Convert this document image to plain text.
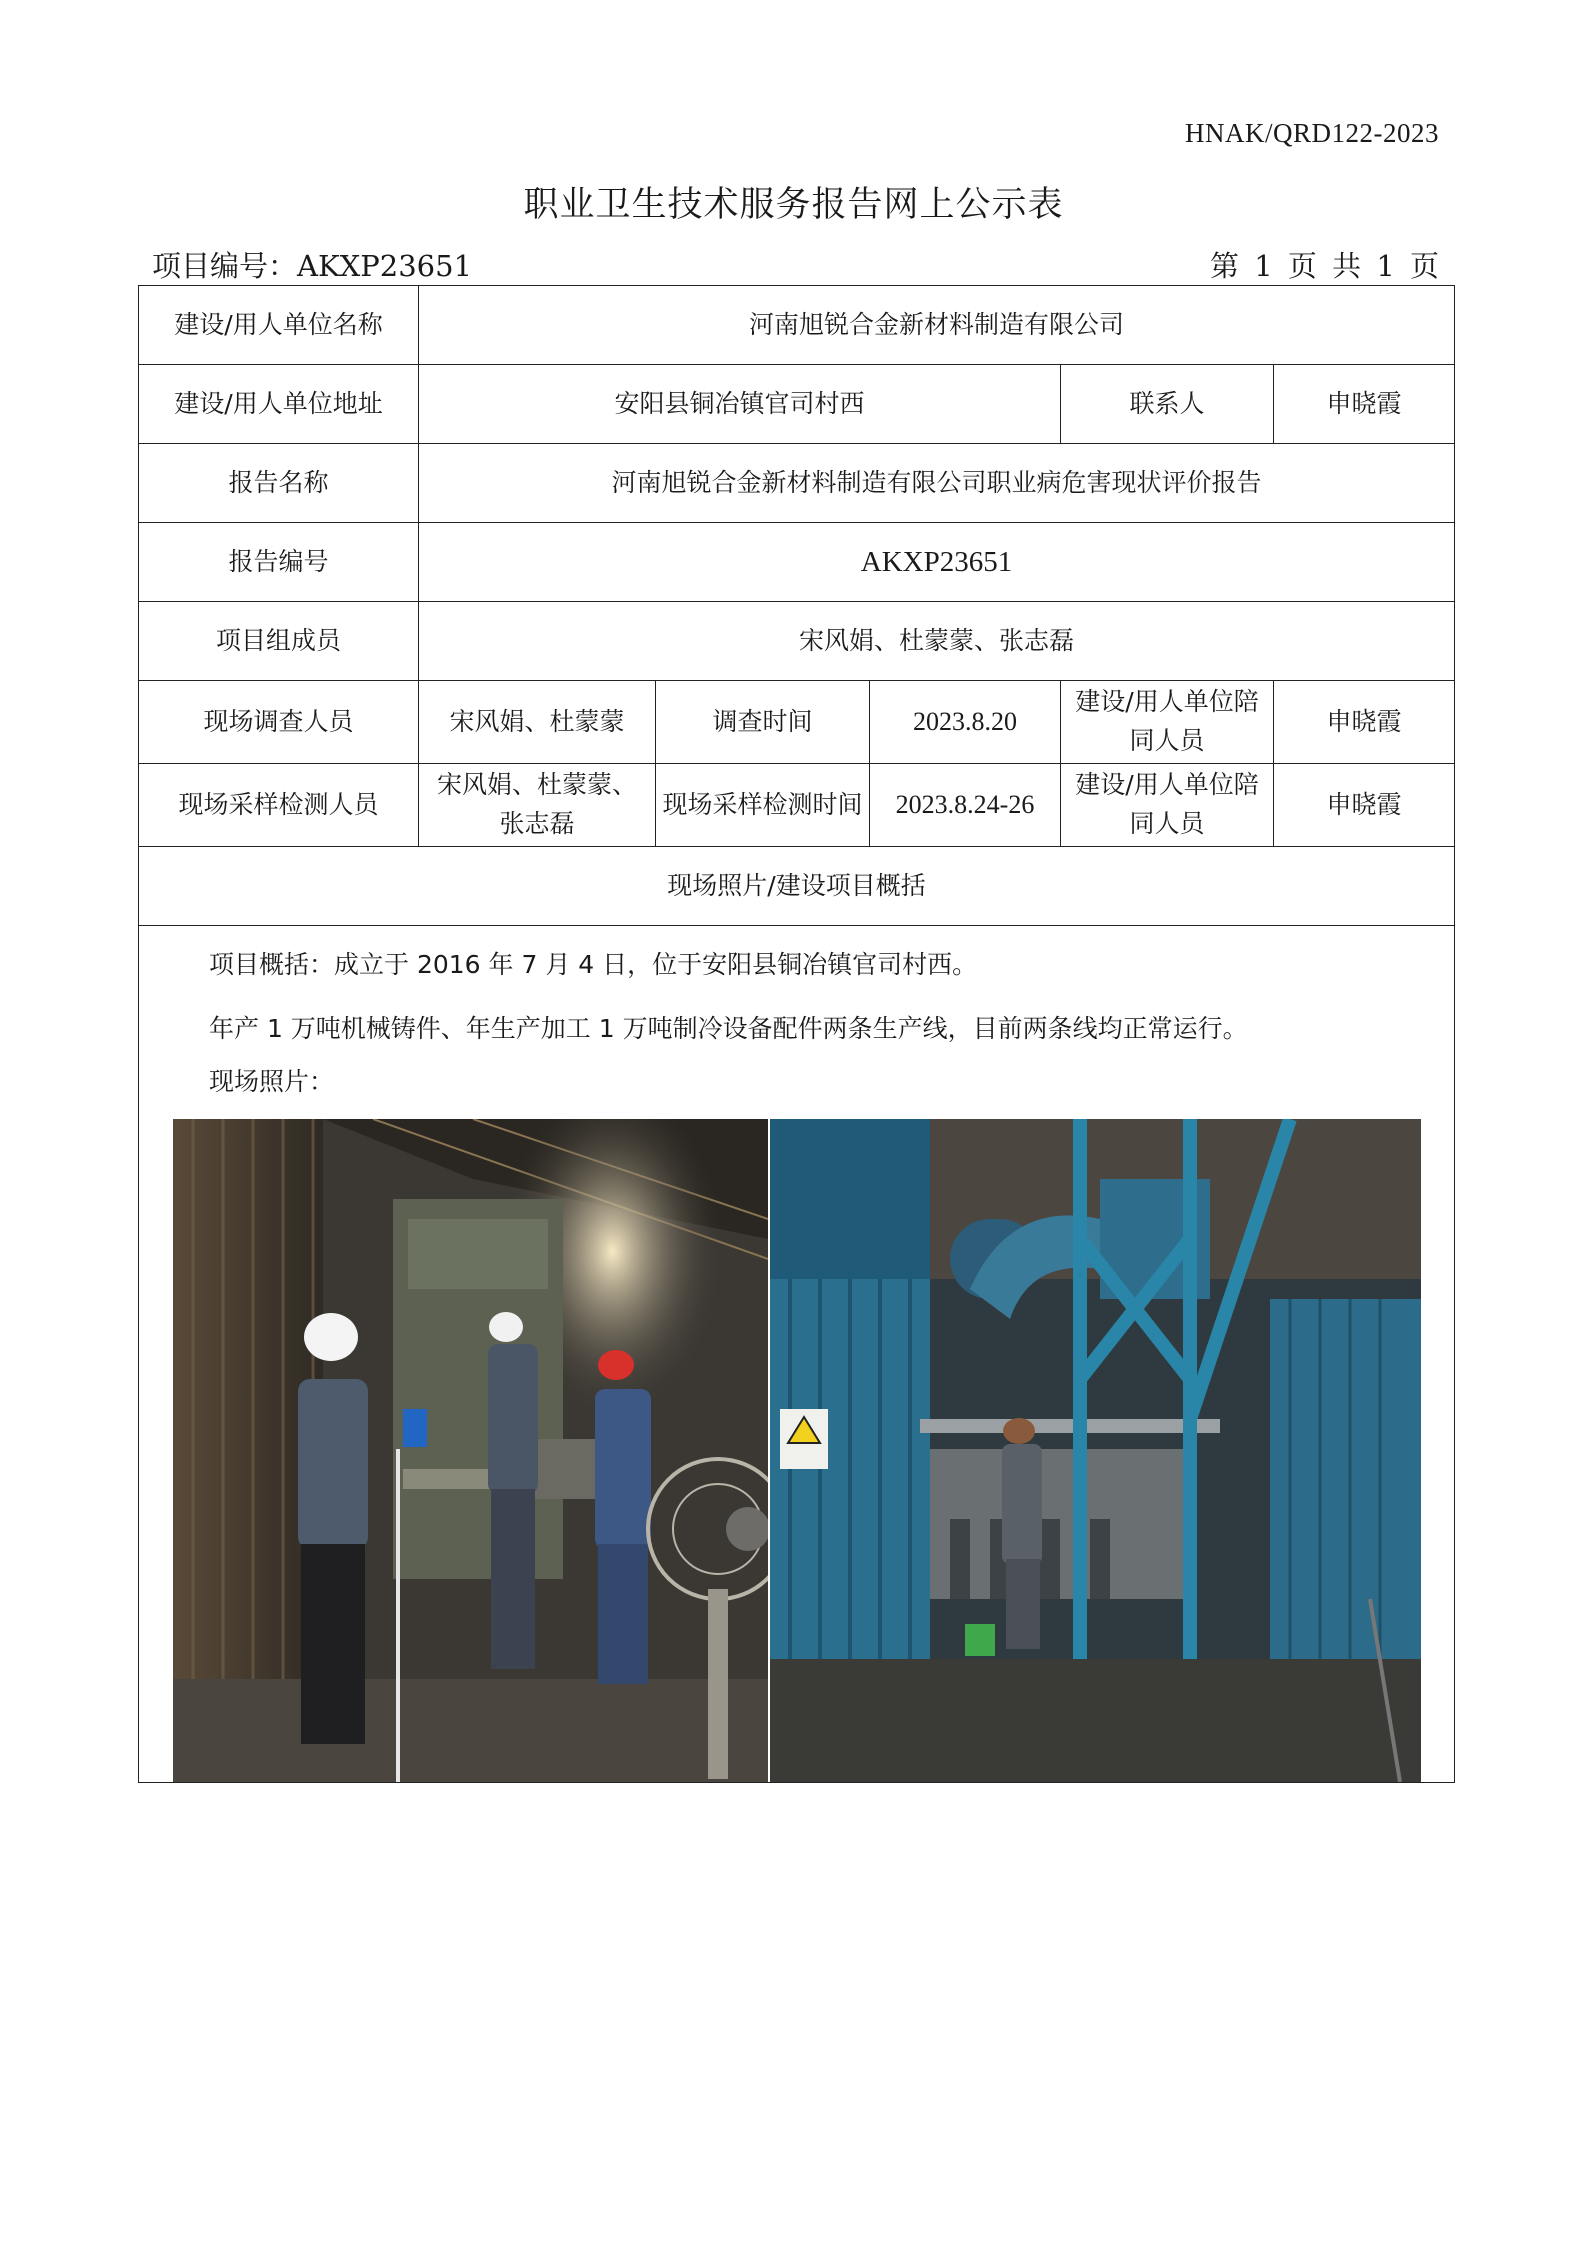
HNAK/QRD122-2023
职业卫生技术服务报告网上公示表
项目编号：AKXP23651	第 1 页 共 1 页
建设/用人单位名称	河南旭锐合金新材料制造有限公司				
建设/用人单位地址	安阳县铜冶镇官司村西			联系人	申晓霞
报告名称	河南旭锐合金新材料制造有限公司职业病危害现状评价报告				
报告编号	AKXP23651				
项目组成员	宋风娟、杜蒙蒙、张志磊				
现场调查人员	宋风娟、杜蒙蒙	调查时间	2023.8.20	建设/用人单位陪同人员	申晓霞
现场采样检测人员	宋风娟、杜蒙蒙、张志磊	现场采样检测时间	2023.8.24-26	建设/用人单位陪同人员	申晓霞
现场照片/建设项目概括					

项目概括：成立于 2016 年 7 月 4 日，位于安阳县铜冶镇官司村西。

年产 1 万吨机械铸件、年生产加工 1 万吨制冷设备配件两条生产线，目前两条线均正常运行。

现场照片：					
